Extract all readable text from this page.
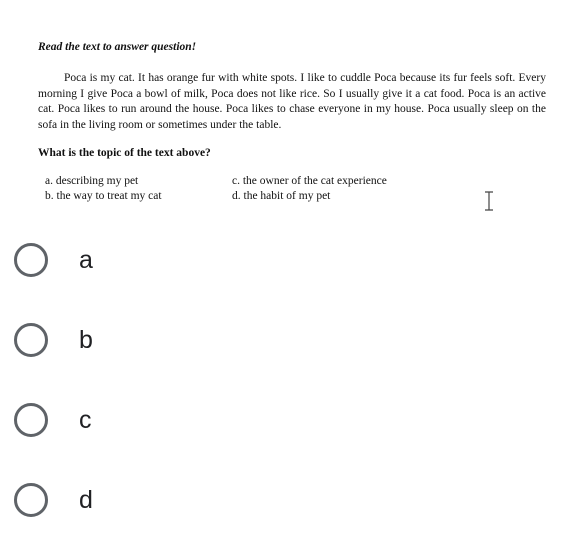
Read the text to answer question!

Poca is my cat. It has orange fur with white spots. I like to cuddle Poca because its fur feels soft. Every morning I give Poca a bowl of milk, Poca does not like rice. So I usually give it a cat food. Poca is an active cat. Poca likes to run around the house. Poca likes to chase everyone in my house. Poca usually sleep on the sofa in the living room or sometimes under the table.

What is the topic of the text above?
a. describing my pet
b. the way to treat my cat
c. the owner of the cat experience
d. the habit of my pet
a
b
c
d
